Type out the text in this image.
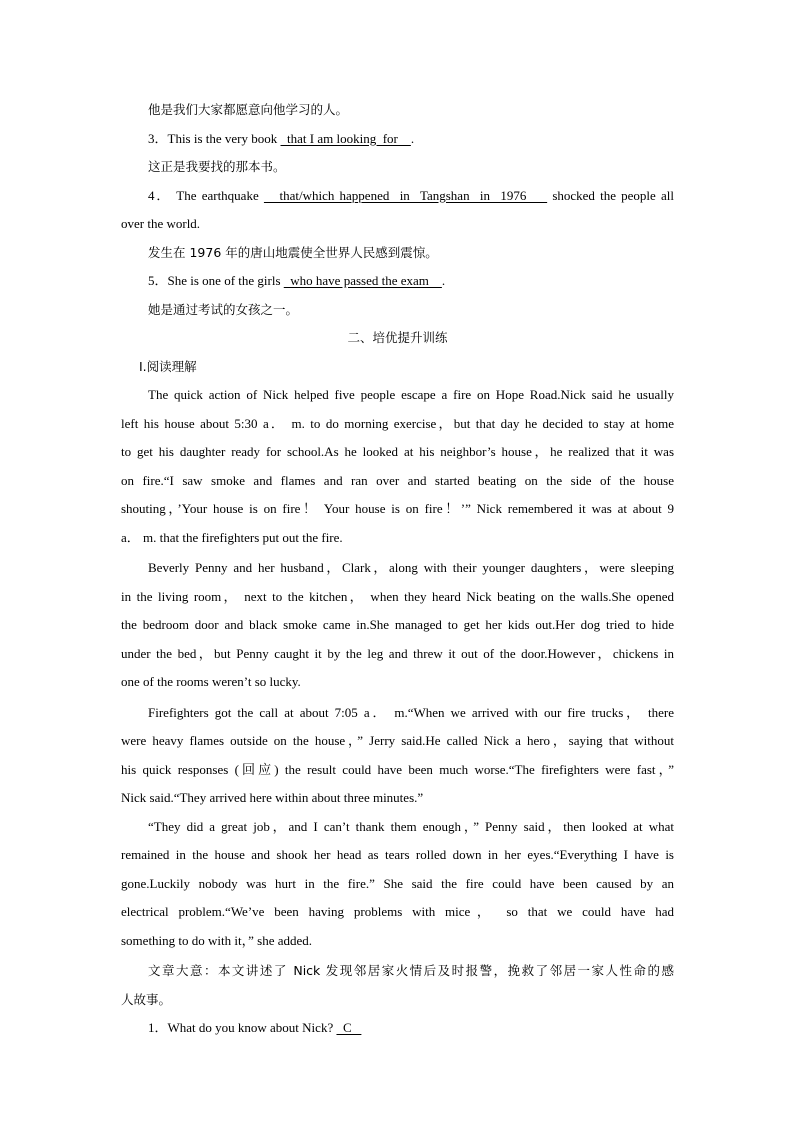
他是我们大家都愿意向他学习的人。

3．This is the very book   that I am looking  for    .

这正是我要找的那本书。

4． The earthquake    that/which happened  in  Tangshan  in  1976     shocked the people all

over the world.

发生在 1976 年的唐山地震使全世界人民感到震惊。

5．She is one of the girls   who have passed the exam    .

她是通过考试的女孩之一。

二、培优提升训练

Ⅰ.阅读理解

The quick action of Nick helped five people escape a fire on Hope Road.Nick said he usually

left his house about 5:30 a． m. to do morning exercise，but that day he decided to stay at home

to get his daughter ready for school.As he looked at his neighbor’s house，he realized that it was

on fire.“I saw smoke and flames and ran over and started beating on the side of the house

shouting，’Your house is on fire！ Your house is on fire！’” Nick remembered it was at about 9

a． m. that the firefighters put out the fire.

Beverly Penny and her husband，Clark，along with their younger daughters，were sleeping

in the living room， next to the kitchen， when they heard Nick beating on the walls.She opened

the bedroom door and black smoke came in.She managed to get her kids out.Her dog tried to hide

under the bed，but Penny caught it by the leg and threw it out of the door.However，chickens in

one of the rooms weren’t so lucky.

Firefighters got the call at about 7:05 a． m.“When we arrived with our fire trucks， there

were heavy flames outside on the house，” Jerry said.He called Nick a hero，saying that without

his quick responses (回应) the result could have been much worse.“The firefighters were fast，”

Nick said.“They arrived here within about three minutes.”

“They did a great job，and I can’t thank them enough，” Penny said，then looked at what

remained in the house and shook her head as tears rolled down in her eyes.“Everything I have is

gone.Luckily nobody was hurt in the fire.” She said the fire could have been caused by an

electrical problem.“We’ve been having problems with mice， so that we could have had

something to do with it，” she added.

文章大意：本文讲述了 Nick 发现邻居家火情后及时报警，挽救了邻居一家人性命的感

人故事。

1．What do you know about Nick?   C
